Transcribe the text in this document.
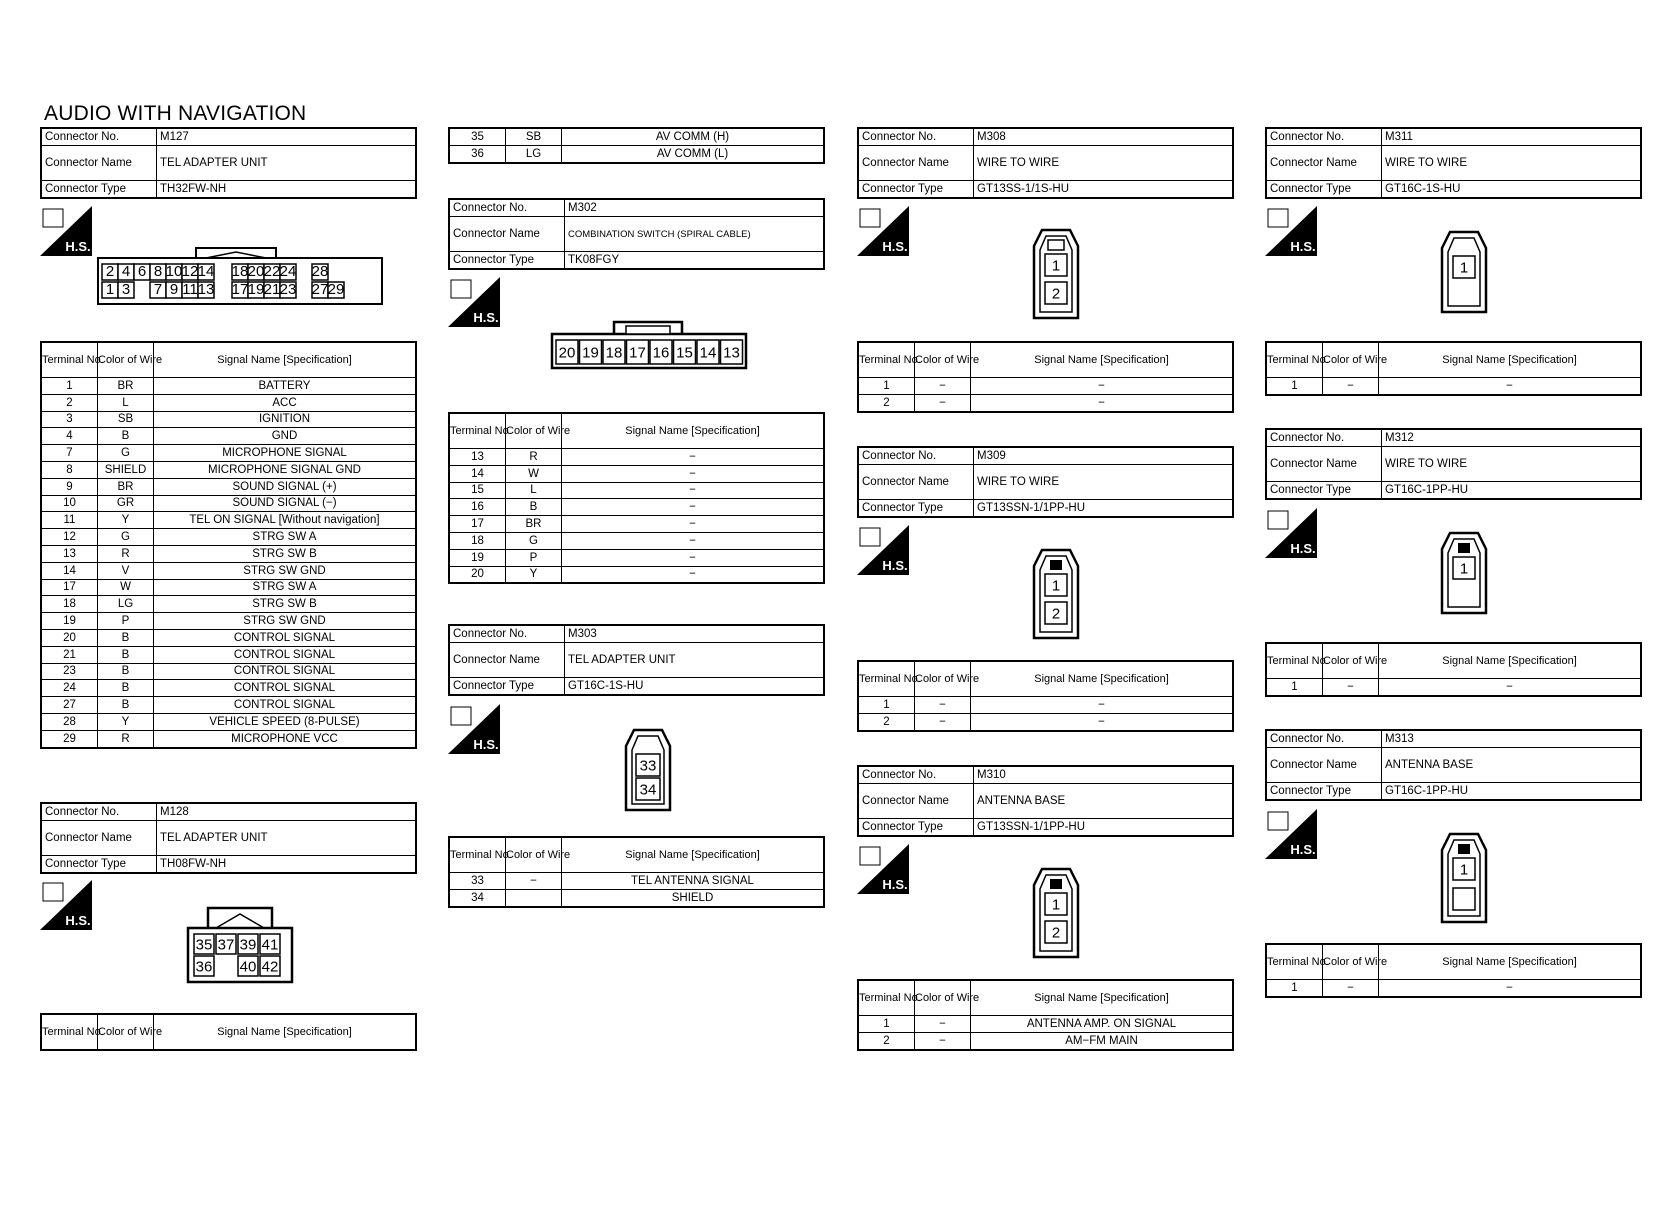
AUDIO WITH NAVIGATION
Connector No.	M127
Connector Name	TEL ADAPTER UNIT
Connector Type	TH32FW-NH
H.S.
2 4 6 8 10 12 14 18 20 22 24 28
1 3 7 9 11 13 17 19 21 23 27 29
Terminal No.	Color of Wire	Signal Name [Specification]
1	BR	BATTERY
2	L	ACC
3	SB	IGNITION
4	B	GND
7	G	MICROPHONE SIGNAL
8	SHIELD	MICROPHONE SIGNAL GND
9	BR	SOUND SIGNAL (+)
10	GR	SOUND SIGNAL (−)
11	Y	TEL ON SIGNAL [Without navigation]
12	G	STRG SW A
13	R	STRG SW B
14	V	STRG SW GND
17	W	STRG SW A
18	LG	STRG SW B
19	P	STRG SW GND
20	B	CONTROL SIGNAL
21	B	CONTROL SIGNAL
23	B	CONTROL SIGNAL
24	B	CONTROL SIGNAL
27	B	CONTROL SIGNAL
28	Y	VEHICLE SPEED (8-PULSE)
29	R	MICROPHONE VCC
Connector No.	M128
Connector Name	TEL ADAPTER UNIT
Connector Type	TH08FW-NH
H.S.
35 37 39 41
36 40 42
Terminal No.	Color of Wire	Signal Name [Specification]
35	SB	AV COMM (H)
36	LG	AV COMM (L)
Connector No.	M302
Connector Name	COMBINATION SWITCH (SPIRAL CABLE)
Connector Type	TK08FGY
H.S.
20 19 18 17 16 15 14 13
Terminal No.	Color of Wire	Signal Name [Specification]
13	R	−
14	W	−
15	L	−
16	B	−
17	BR	−
18	G	−
19	P	−
20	Y	−
Connector No.	M303
Connector Name	TEL ADAPTER UNIT
Connector Type	GT16C-1S-HU
H.S.
33
34
Terminal No.	Color of Wire	Signal Name [Specification]
33	−	TEL ANTENNA SIGNAL
34		SHIELD
Connector No.	M308
Connector Name	WIRE TO WIRE
Connector Type	GT13SS-1/1S-HU
H.S.
1
2
Terminal No.	Color of Wire	Signal Name [Specification]
1	−	−
2	−	−
Connector No.	M309
Connector Name	WIRE TO WIRE
Connector Type	GT13SSN-1/1PP-HU
H.S.
1
2
Terminal No.	Color of Wire	Signal Name [Specification]
1	−	−
2	−	−
Connector No.	M310
Connector Name	ANTENNA BASE
Connector Type	GT13SSN-1/1PP-HU
H.S.
1
2
Terminal No.	Color of Wire	Signal Name [Specification]
1	−	ANTENNA AMP. ON SIGNAL
2	−	AM−FM MAIN
Connector No.	M311
Connector Name	WIRE TO WIRE
Connector Type	GT16C-1S-HU
H.S.
1
Terminal No.	Color of Wire	Signal Name [Specification]
1	−	−
Connector No.	M312
Connector Name	WIRE TO WIRE
Connector Type	GT16C-1PP-HU
H.S.
1
Terminal No.	Color of Wire	Signal Name [Specification]
1	−	−
Connector No.	M313
Connector Name	ANTENNA BASE
Connector Type	GT16C-1PP-HU
H.S.
1
Terminal No.	Color of Wire	Signal Name [Specification]
1	−	−
